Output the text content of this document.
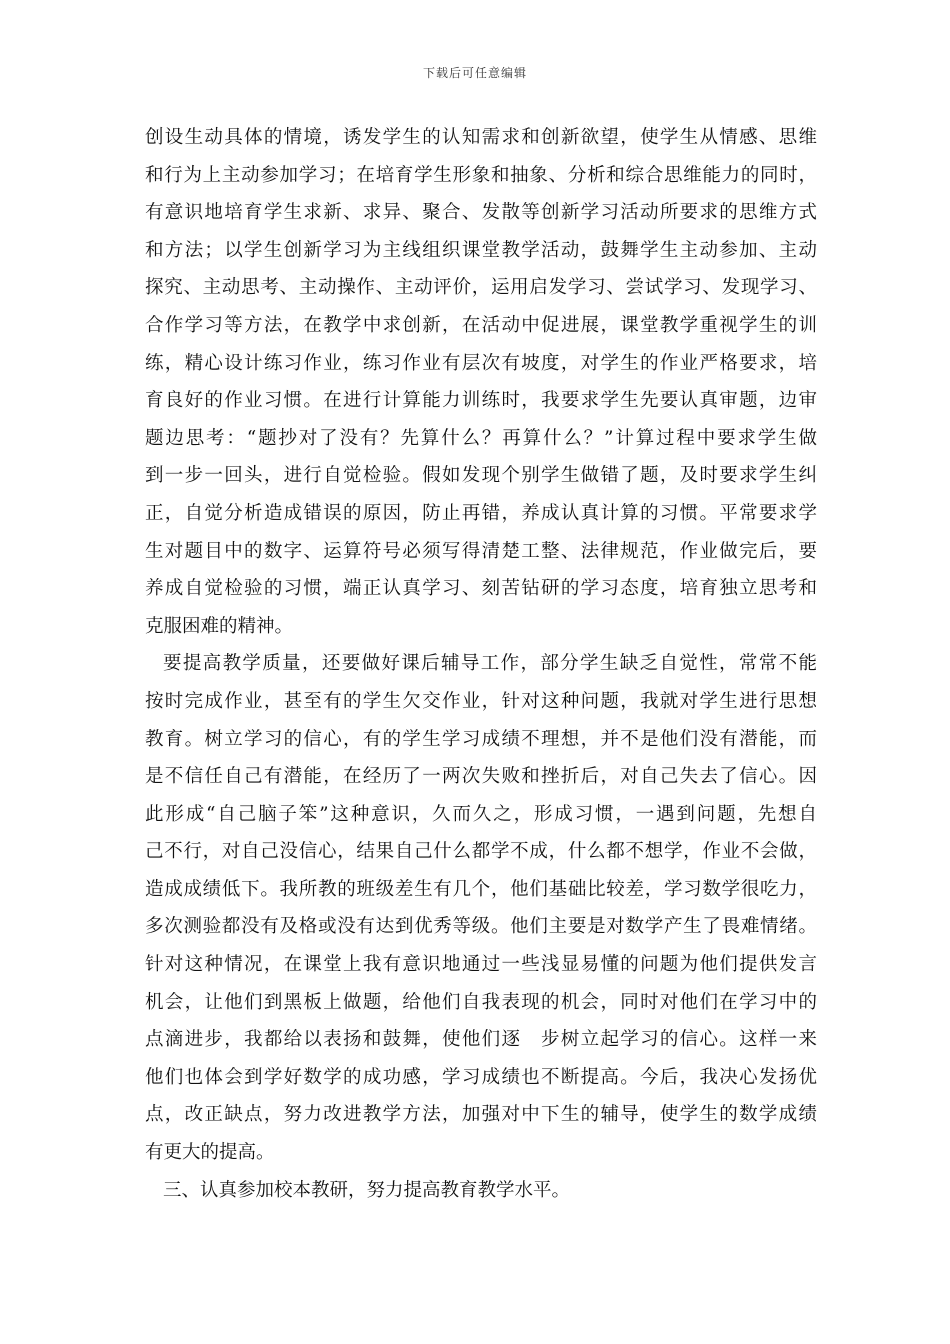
下载后可任意编辑
创设生动具体的情境，诱发学生的认知需求和创新欲望，使学生从情感、思维
和行为上主动参加学习；在培育学生形象和抽象、分析和综合思维能力的同时，
有意识地培育学生求新、求异、聚合、发散等创新学习活动所要求的思维方式
和方法；以学生创新学习为主线组织课堂教学活动，鼓舞学生主动参加、主动
探究、主动思考、主动操作、主动评价，运用启发学习、尝试学习、发现学习、
合作学习等方法，在教学中求创新，在活动中促进展，课堂教学重视学生的训
练，精心设计练习作业，练习作业有层次有坡度，对学生的作业严格要求，培
育良好的作业习惯。在进行计算能力训练时，我要求学生先要认真审题，边审
题边思考：“题抄对了没有？先算什么？再算什么？”计算过程中要求学生做
到一步一回头，进行自觉检验。假如发现个别学生做错了题，及时要求学生纠
正，自觉分析造成错误的原因，防止再错，养成认真计算的习惯。平常要求学
生对题目中的数字、运算符号必须写得清楚工整、法律规范，作业做完后，要
养成自觉检验的习惯，端正认真学习、刻苦钻研的学习态度，培育独立思考和
克服困难的精神。
要提高教学质量，还要做好课后辅导工作，部分学生缺乏自觉性，常常不能
按时完成作业，甚至有的学生欠交作业，针对这种问题，我就对学生进行思想
教育。树立学习的信心，有的学生学习成绩不理想，并不是他们没有潜能，而
是不信任自己有潜能，在经历了一两次失败和挫折后，对自己失去了信心。因
此形成“自己脑子笨”这种意识，久而久之，形成习惯，一遇到问题，先想自
己不行，对自己没信心，结果自己什么都学不成，什么都不想学，作业不会做，
造成成绩低下。我所教的班级差生有几个，他们基础比较差，学习数学很吃力，
多次测验都没有及格或没有达到优秀等级。他们主要是对数学产生了畏难情绪。
针对这种情况，在课堂上我有意识地通过一些浅显易懂的问题为他们提供发言
机会，让他们到黑板上做题，给他们自我表现的机会，同时对他们在学习中的
点滴进步，我都给以表扬和鼓舞，使他们逐　步树立起学习的信心。这样一来
他们也体会到学好数学的成功感，学习成绩也不断提高。今后，我决心发扬优
点，改正缺点，努力改进教学方法，加强对中下生的辅导，使学生的数学成绩
有更大的提高。
三、认真参加校本教研，努力提高教育教学水平。
